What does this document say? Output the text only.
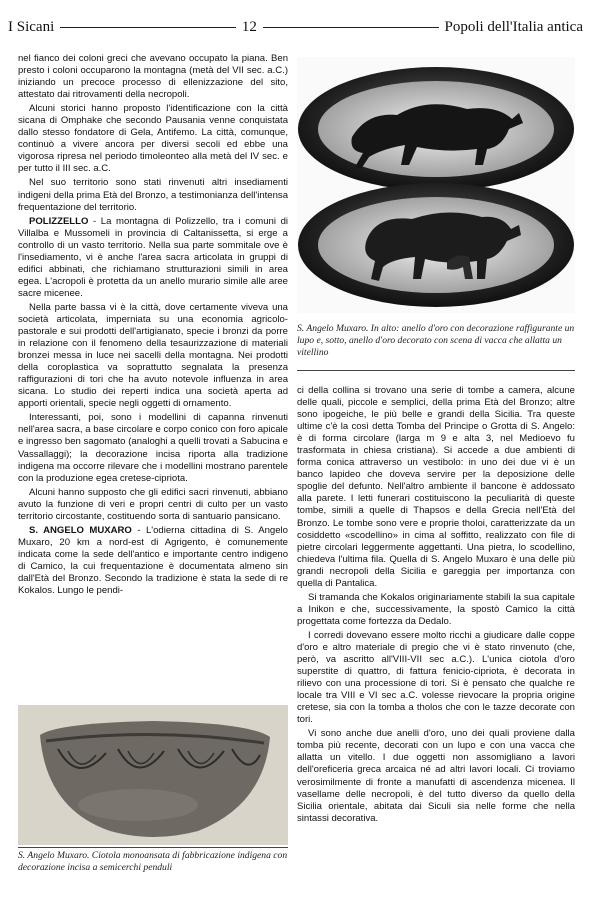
I Sicani	12	Popoli dell'Italia antica

nel fianco dei coloni greci che avevano occupato la piana. Ben presto i coloni occuparono la montagna (metà del VII sec. a.C.) iniziando un precoce processo di ellenizzazione del sito, attestato dai ritrovamenti della necropoli.

Alcuni storici hanno proposto l'identificazione con la città sicana di Omphake che secondo Pausania venne conquistata dallo stesso fondatore di Gela, Antifemo. La città, comunque, continuò a vivere ancora per diversi secoli ed ebbe una vigorosa ripresa nel periodo timoleonteo alla metà del IV sec. e per tutto il III sec. a.C.

Nel suo territorio sono stati rinvenuti altri insediamenti indigeni della prima Età del Bronzo, a testimonianza dell'intensa frequentazione del territorio.

POLIZZELLO - La montagna di Polizzello, tra i comuni di Villalba e Mussomeli in provincia di Caltanissetta, si erge a controllo di un vasto territorio. Nella sua parte sommitale ove è l'insediamento, vi è anche l'area sacra articolata in gruppi di edifici abbinati, che richiamano strutturazioni simili in area egea. L'acropoli è protetta da un anello murario simile alle aree sacre micenee.

Nella parte bassa vi è la città, dove certamente viveva una società articolata, imperniata su una economia agricolo-pastorale e sui prodotti dell'artigianato, specie i bronzi da porre in relazione con il fenomeno della tesaurizzazione di materiali bronzei messa in luce nei sacelli della montagna. Nei prodotti della coroplastica va soprattutto segnalata la presenza raffigurazioni di tori che ha avuto notevole influenza in area sicana. Lo studio dei reperti indica una società aperta ad apporti orientali, specie negli oggetti di ornamento.

Interessanti, poi, sono i modellini di capanna rinvenuti nell'area sacra, a base circolare e corpo conico con foro apicale e ingresso ben sagomato (analoghi a quelli trovati a Sabucina e Vassallaggi); la decorazione incisa riporta alla tradizione indigena ma occorre rilevare che i modellini mostrano parentele con la produzione egea cretese-cipriota.

Alcuni hanno supposto che gli edifici sacri rinvenuti, abbiano avuto la funzione di veri e propri centri di culto per un vasto territorio circostante, costituendo sorta di santuario pansicano.

S. ANGELO MUXARO - L'odierna cittadina di S. Angelo Muxaro, 20 km a nord-est di Agrigento, è comunemente indicata come la sede dell'antico e importante centro indigeno di Camico, la cui frequentazione è documentata almeno sin dall'Età del Bronzo. Secondo la tradizione è stata la sede di re Kokalos. Lungo le pendi-

S. Angelo Muxaro. In alto: anello d'oro con decorazione raffigurante un lupo e, sotto, anello d'oro decorato con scena di vacca che allatta un vitellino

ci della collina si trovano una serie di tombe a camera, alcune delle quali, piccole e semplici, della prima Età del Bronzo; altre sono ipogeiche, le più belle e grandi della Sicilia. Tra queste ultime c'è la così detta Tomba del Principe o Grotta di S. Angelo: è di forma circolare (larga m 9 e alta 3, nel Medioevo fu trasformata in chiesa cristiana). Si accede a due ambienti di forma conica attraverso un vestibolo: in uno dei due vi è un banco lapideo che doveva servire per la deposizione delle spoglie del defunto. Nell'altro ambiente il bancone è addossato alla parete. I letti funerari costituiscono la peculiarità di queste tombe, simili a quelle di Thapsos e della Grecia nell'Età del Bronzo. Le tombe sono vere e proprie tholoi, caratterizzate da un cosiddetto «scodellino» in cima al soffitto, realizzato con file di pietre circolari leggermente aggettanti. Una pietra, lo scodellino, chiedeva l'ultima fila. Quella di S. Angelo Muxaro è una delle più grandi necropoli della Sicilia e gareggia per importanza con quella di Pantalica.

Si tramanda che Kokalos originariamente stabilì la sua capitale a Inikon e che, successivamente, la spostò Camico la città progettata come fortezza da Dedalo.

I corredi dovevano essere molto ricchi a giudicare dalle coppe d'oro e altro materiale di pregio che vi è stato rinvenuto (che, però, va ascritto all'VIII-VII sec a.C.). L'unica ciotola d'oro superstite di quattro, di fattura fenicio-cipriota, è decorata in rilievo con una processione di tori. Si è pensato che qualche re locale tra VIII e VI sec a.C. volesse rievocare la propria origine cretese, sia con la tomba a tholos che con le tazze decorate con tori.

Vi sono anche due anelli d'oro, uno dei quali proviene dalla tomba più recente, decorati con un lupo e con una vacca che allatta un vitello. I due oggetti non assomigliano a lavori dell'oreficeria greca arcaica né ad altri lavori locali. Ci troviamo verosimilmente di fronte a manufatti di ascendenza micenea. Il vasellame delle necropoli, è del tutto diverso da quello della Sicilia orientale, abitata dai Siculi sia nelle forme che nella sintassi decorativa.

S. Angelo Muxaro. Ciotola monoansata di fabbricazione indigena con decorazione incisa a semicerchi penduli
